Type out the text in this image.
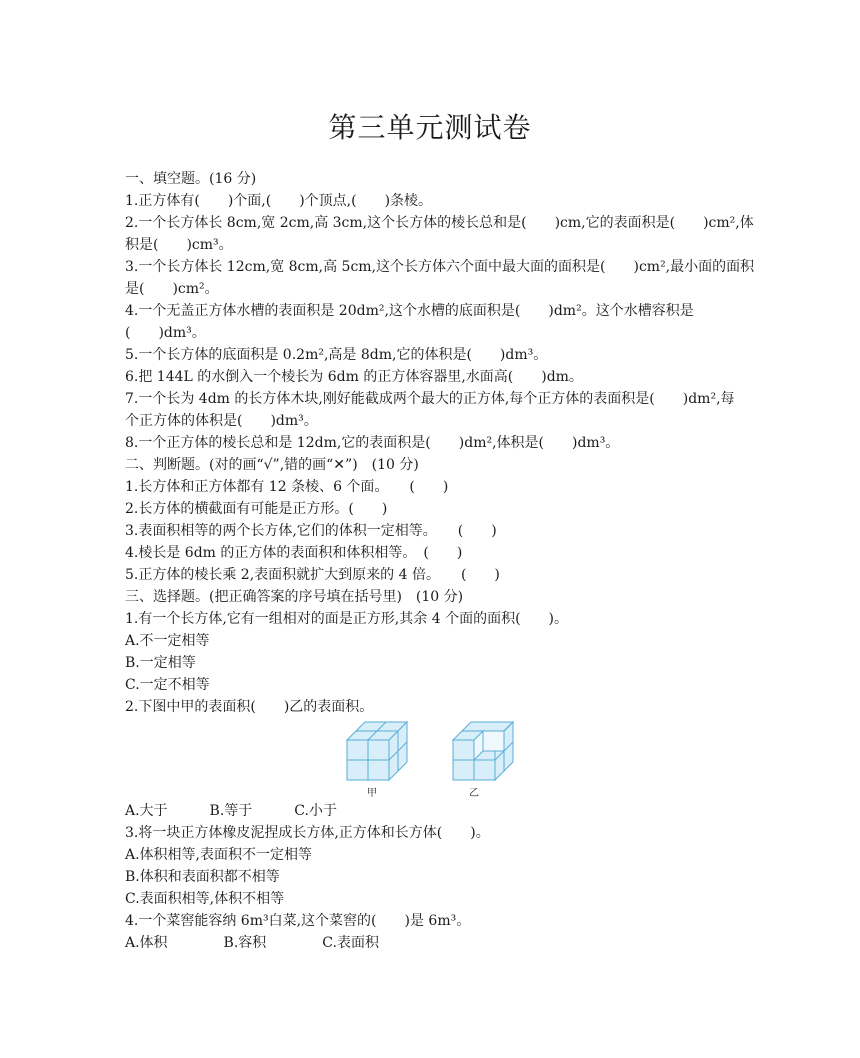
第三单元测试卷
一、填空题。(16 分)
1.正方体有(　　)个面,(　　)个顶点,(　　)条棱。
2.一个长方体长 8cm,宽 2cm,高 3cm,这个长方体的棱长总和是(　　)cm,它的表面积是(　　)cm²,体
积是(　　)cm³。
3.一个长方体长 12cm,宽 8cm,高 5cm,这个长方体六个面中最大面的面积是(　　)cm²,最小面的面积
是(　　)cm²。
4.一个无盖正方体水槽的表面积是 20dm²,这个水槽的底面积是(　　)dm²。这个水槽容积是
(　　)dm³。
5.一个长方体的底面积是 0.2m²,高是 8dm,它的体积是(　　)dm³。
6.把 144L 的水倒入一个棱长为 6dm 的正方体容器里,水面高(　　)dm。
7.一个长为 4dm 的长方体木块,刚好能截成两个最大的正方体,每个正方体的表面积是(　　)dm²,每
个正方体的体积是(　　)dm³。
8.一个正方体的棱长总和是 12dm,它的表面积是(　　)dm²,体积是(　　)dm³。
二、判断题。(对的画“√”,错的画“✕”)　(10 分)
1.长方体和正方体都有 12 条棱、6 个面。　　(　　)
2.长方体的横截面有可能是正方形。(　　)
3.表面积相等的两个长方体,它们的体积一定相等。　　(　　)
4.棱长是 6dm 的正方体的表面积和体积相等。　(　　)
5.正方体的棱长乘 2,表面积就扩大到原来的 4 倍。　　(　　)
三、选择题。(把正确答案的序号填在括号里)　(10 分)
1.有一个长方体,它有一组相对的面是正方形,其余 4 个面的面积(　　)。
A.不一定相等
B.一定相等
C.一定不相等
2.下图中甲的表面积(　　)乙的表面积。
甲	乙
A.大于　　　B.等于　　　C.小于
3.将一块正方体橡皮泥捏成长方体,正方体和长方体(　　)。
A.体积相等,表面积不一定相等
B.体积和表面积都不相等
C.表面积相等,体积不相等
4.一个菜窖能容纳 6m³白菜,这个菜窖的(　　)是 6m³。
A.体积　　　　B.容积　　　　C.表面积
